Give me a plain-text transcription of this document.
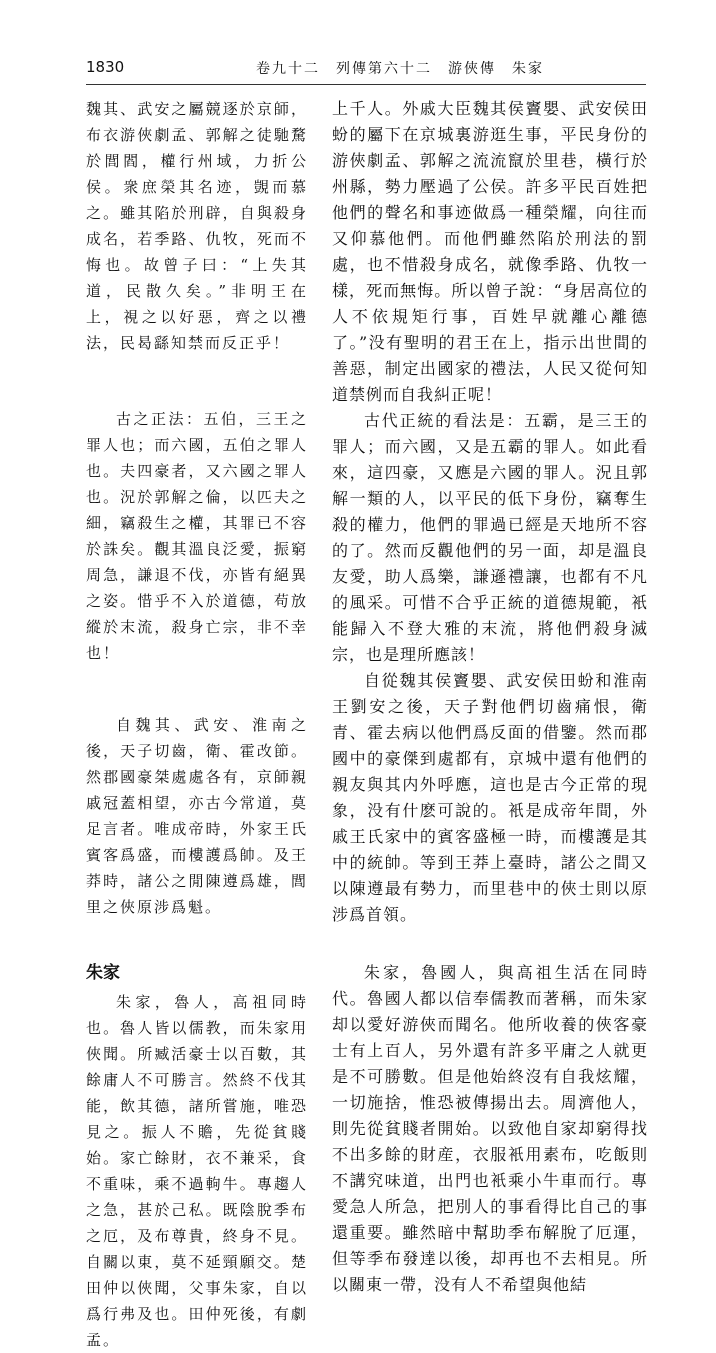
1830	卷九十二　列傳第六十二　游俠傳　朱家

魏其、武安之屬競逐於京師，布衣游俠劇孟、郭解之徒馳騖於閭閻，權行州域，力折公侯。衆庶榮其名迹，覬而慕之。雖其陷於刑辟，自與殺身成名，若季路、仇牧，死而不悔也。故曾子曰：“上失其道，民散久矣。”非明王在上，視之以好惡，齊之以禮法，民曷繇知禁而反正乎！

古之正法：五伯，三王之罪人也；而六國，五伯之罪人也。夫四豪者，又六國之罪人也。況於郭解之倫，以匹夫之細，竊殺生之權，其罪已不容於誅矣。觀其溫良泛愛，振窮周急，謙退不伐，亦皆有絕異之姿。惜乎不入於道德，苟放縱於末流，殺身亡宗，非不幸也！

自魏其、武安、淮南之後，天子切齒，衛、霍改節。然郡國豪桀處處各有，京師親戚冠蓋相望，亦古今常道，莫足言者。唯成帝時，外家王氏賓客爲盛，而樓護爲帥。及王莽時，諸公之閒陳遵爲雄，閭里之俠原涉爲魁。

朱家

朱家，魯人，高祖同時也。魯人皆以儒教，而朱家用俠聞。所臧活豪士以百數，其餘庸人不可勝言。然終不伐其能，飲其德，諸所嘗施，唯恐見之。振人不贍，先從貧賤始。家亡餘財，衣不兼采，食不重味，乘不過軥牛。專趨人之急，甚於己私。既陰脫季布之厄，及布尊貴，終身不見。自關以東，莫不延頸願交。楚田仲以俠聞，父事朱家，自以爲行弗及也。田仲死後，有劇孟。

上千人。外戚大臣魏其侯竇嬰、武安侯田蚡的屬下在京城裏游逛生事，平民身份的游俠劇孟、郭解之流流竄於里巷，橫行於州縣，勢力壓過了公侯。許多平民百姓把他們的聲名和事迹做爲一種榮耀，向往而又仰慕他們。而他們雖然陷於刑法的罰處，也不惜殺身成名，就像季路、仇牧一樣，死而無悔。所以曾子說：“身居高位的人不依規矩行事，百姓早就離心離德了。”没有聖明的君王在上，指示出世間的善惡，制定出國家的禮法，人民又從何知道禁例而自我糾正呢！

古代正統的看法是：五霸，是三王的罪人；而六國，又是五霸的罪人。如此看來，這四豪，又應是六國的罪人。況且郭解一類的人，以平民的低下身份，竊奪生殺的權力，他們的罪過已經是天地所不容的了。然而反觀他們的另一面，却是溫良友愛，助人爲樂，謙遜禮讓，也都有不凡的風采。可惜不合乎正統的道德規範，衹能歸入不登大雅的末流，將他們殺身滅宗，也是理所應該！

自從魏其侯竇嬰、武安侯田蚡和淮南王劉安之後，天子對他們切齒痛恨，衛青、霍去病以他們爲反面的借鑒。然而郡國中的豪傑到處都有，京城中還有他們的親友與其内外呼應，這也是古今正常的現象，没有什麽可說的。衹是成帝年間，外戚王氏家中的賓客盛極一時，而樓護是其中的統帥。等到王莽上臺時，諸公之間又以陳遵最有勢力，而里巷中的俠士則以原涉爲首領。

朱家，魯國人，與高祖生活在同時代。魯國人都以信奉儒教而著稱，而朱家却以愛好游俠而聞名。他所收養的俠客豪士有上百人，另外還有許多平庸之人就更是不可勝數。但是他始終沒有自我炫耀，一切施捨，惟恐被傳揚出去。周濟他人，則先從貧賤者開始。以致他自家却窮得找不出多餘的財産，衣服衹用素布，吃飯則不講究味道，出門也衹乘小牛車而行。專愛急人所急，把別人的事看得比自己的事還重要。雖然暗中幫助季布解脫了厄運，但等季布發達以後，却再也不去相見。所以關東一帶，没有人不希望與他結
